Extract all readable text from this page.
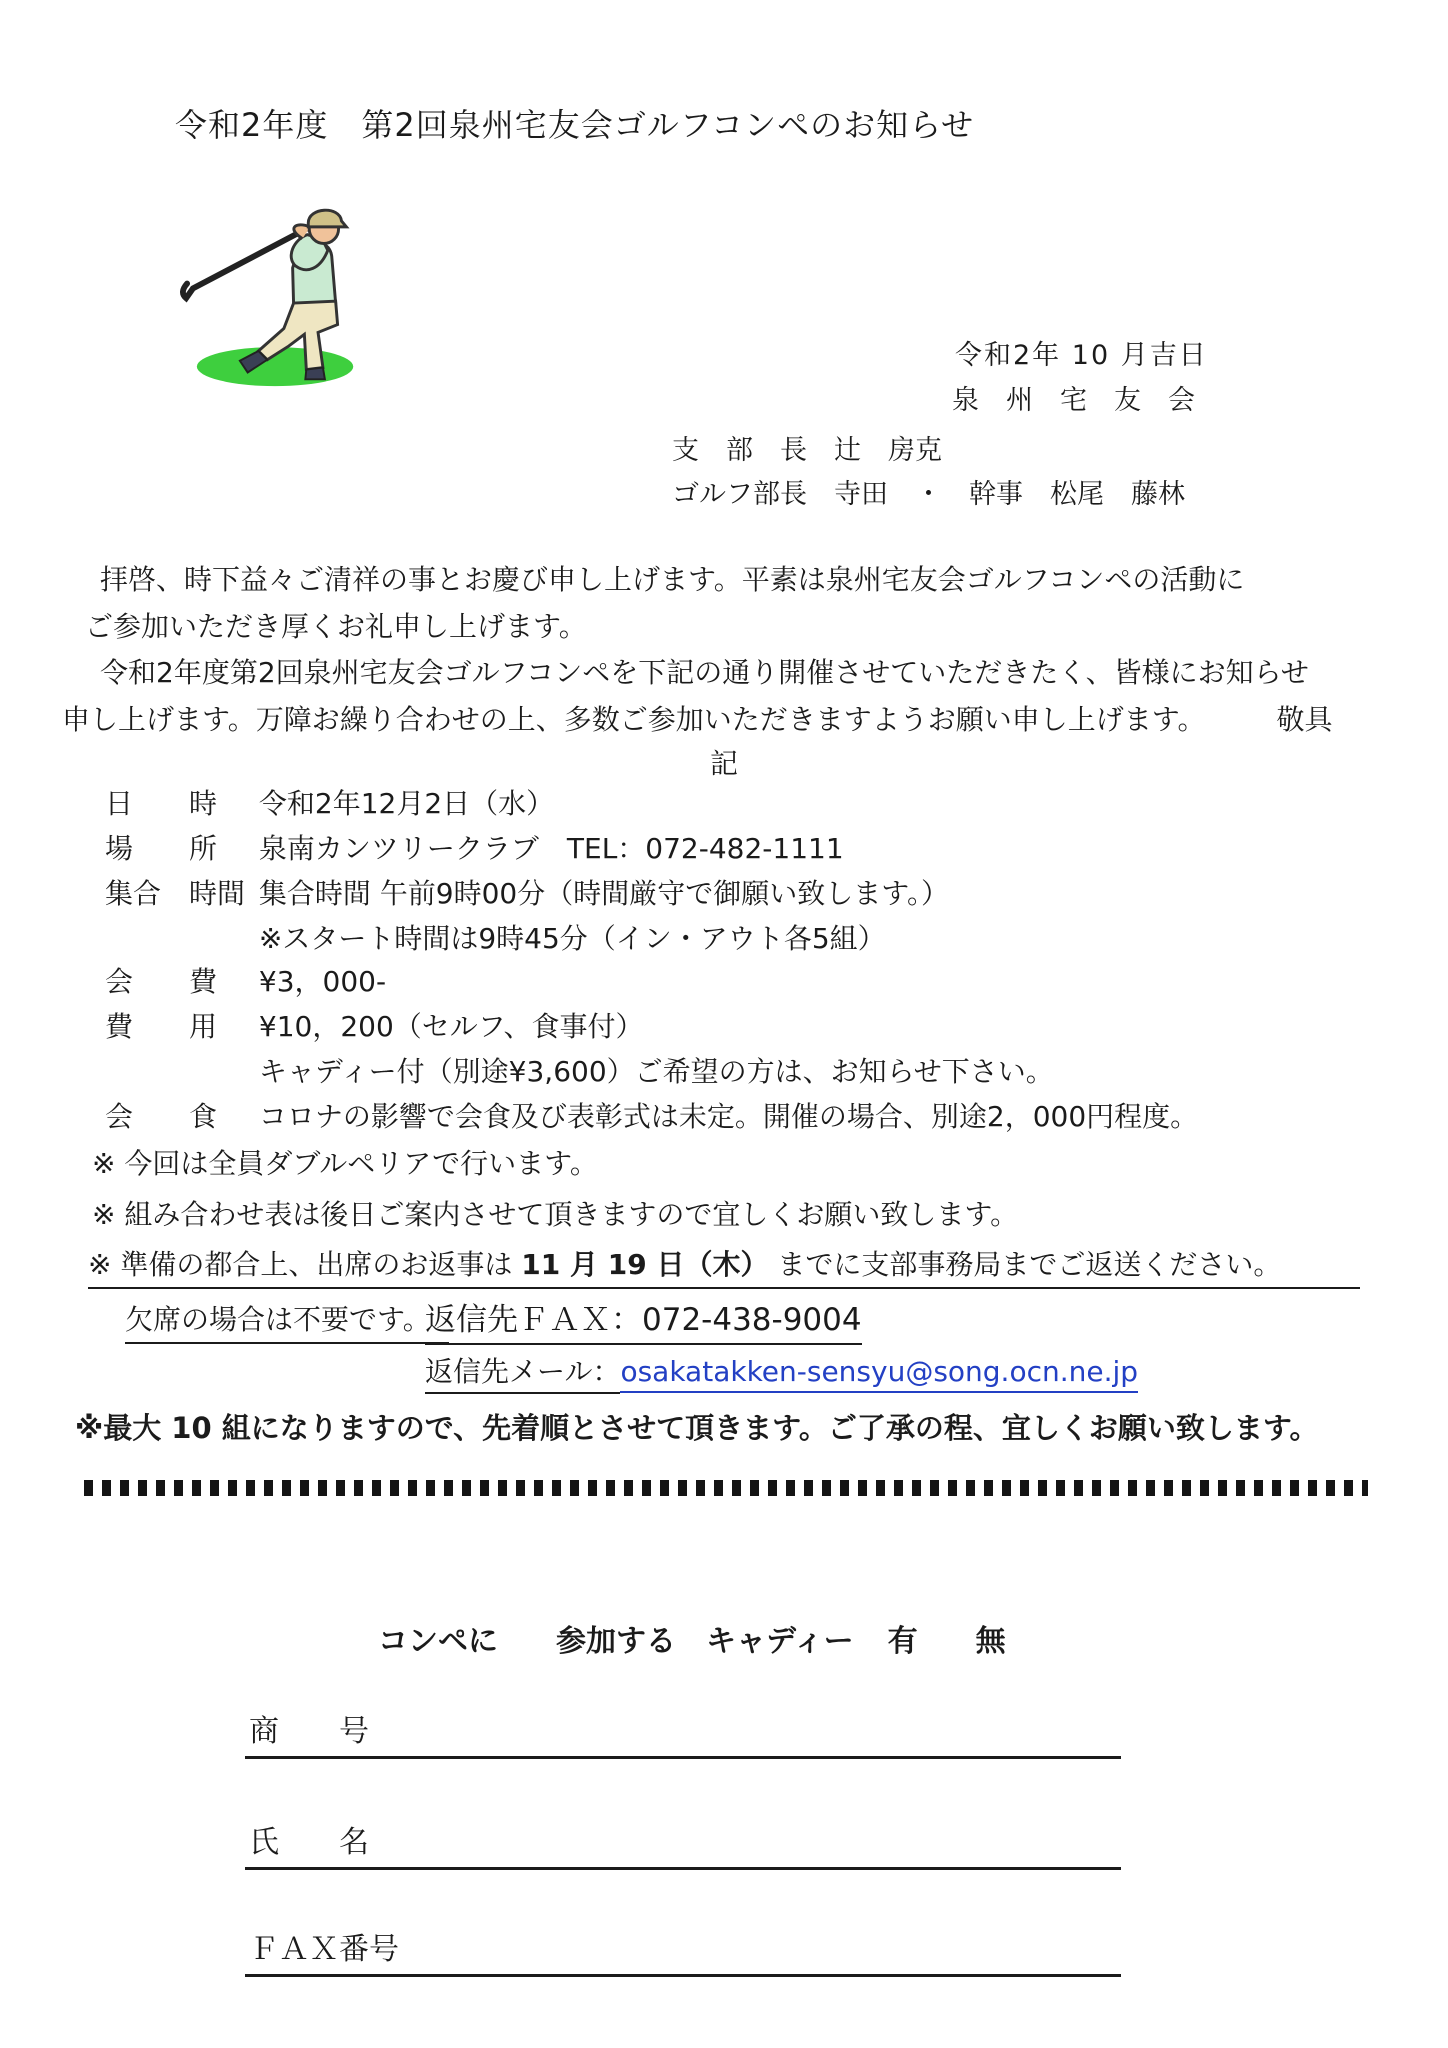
令和2年度　第2回泉州宅友会ゴルフコンペのお知らせ
令和2年 10 月吉日
泉　州　宅　友　会
支　部　長　辻　房克
ゴルフ部長　寺田　・　幹事　松尾　藤林
拝啓、時下益々ご清祥の事とお慶び申し上げます。平素は泉州宅友会ゴルフコンペの活動に
ご参加いただき厚くお礼申し上げます。
令和2年度第2回泉州宅友会ゴルフコンペを下記の通り開催させていただきたく、皆様にお知らせ
申し上げます。万障お繰り合わせの上、多数ご参加いただきますようお願い申し上げます。	敬具
記
日　　時 令和2年12月2日（水）
場　　所 泉南カンツリークラブ　TEL：072-482-1111
集合　時間 集合時間 午前9時00分（時間厳守で御願い致します。）
※スタート時間は9時45分（イン・アウト各5組）
会　　費 ¥3，000-
費　　用 ¥10，200（セルフ、食事付）
キャディー付（別途¥3,600）ご希望の方は、お知らせ下さい。
会　　食 コロナの影響で会食及び表彰式は未定。開催の場合、別途2，000円程度。
※ 今回は全員ダブルペリアで行います。
※ 組み合わせ表は後日ご案内させて頂きますので宜しくお願い致します。
※ 準備の都合上、出席のお返事は 11 月 19 日（木） までに支部事務局までご返送ください。
欠席の場合は不要です。
返信先ＦＡＸ：072-438-9004
返信先メール：osakatakken-sensyu@song.ocn.ne.jp
※最大 10 組になりますので、先着順とさせて頂きます。ご了承の程、宜しくお願い致します。
コンペに 参加する キャディー 有 無
商　　号
氏　　名
ＦＡＸ番号
